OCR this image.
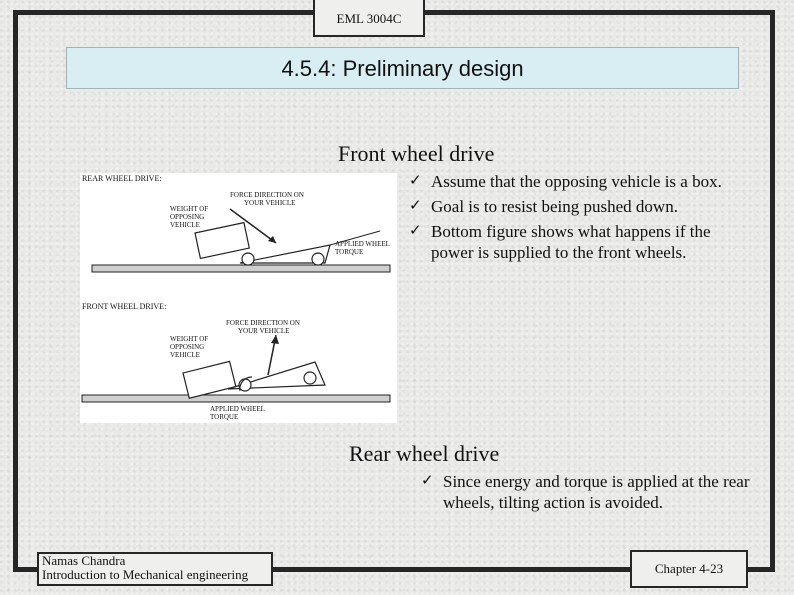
EML 3004C
4.5.4: Preliminary design
Front wheel drive
✓ Assume that the opposing vehicle is a box.
✓ Goal is to resist being pushed down.
✓ Bottom figure shows what happens if the power is supplied to the front wheels.
REAR WHEEL DRIVE:
WEIGHT OF
OPPOSING
VEHICLE
FORCE DIRECTION ON
YOUR VEHICLE
APPLIED WHEEL
TORQUE
FRONT WHEEL DRIVE:
FORCE DIRECTION ON
YOUR VEHICLE
WEIGHT OF
OPPOSING
VEHICLE
APPLIED WHEEL
TORQUE
Rear wheel drive
✓ Since energy and torque is applied at the rear wheels, tilting action is avoided.
Namas Chandra
Introduction to Mechanical engineering	Chapter 4-23
